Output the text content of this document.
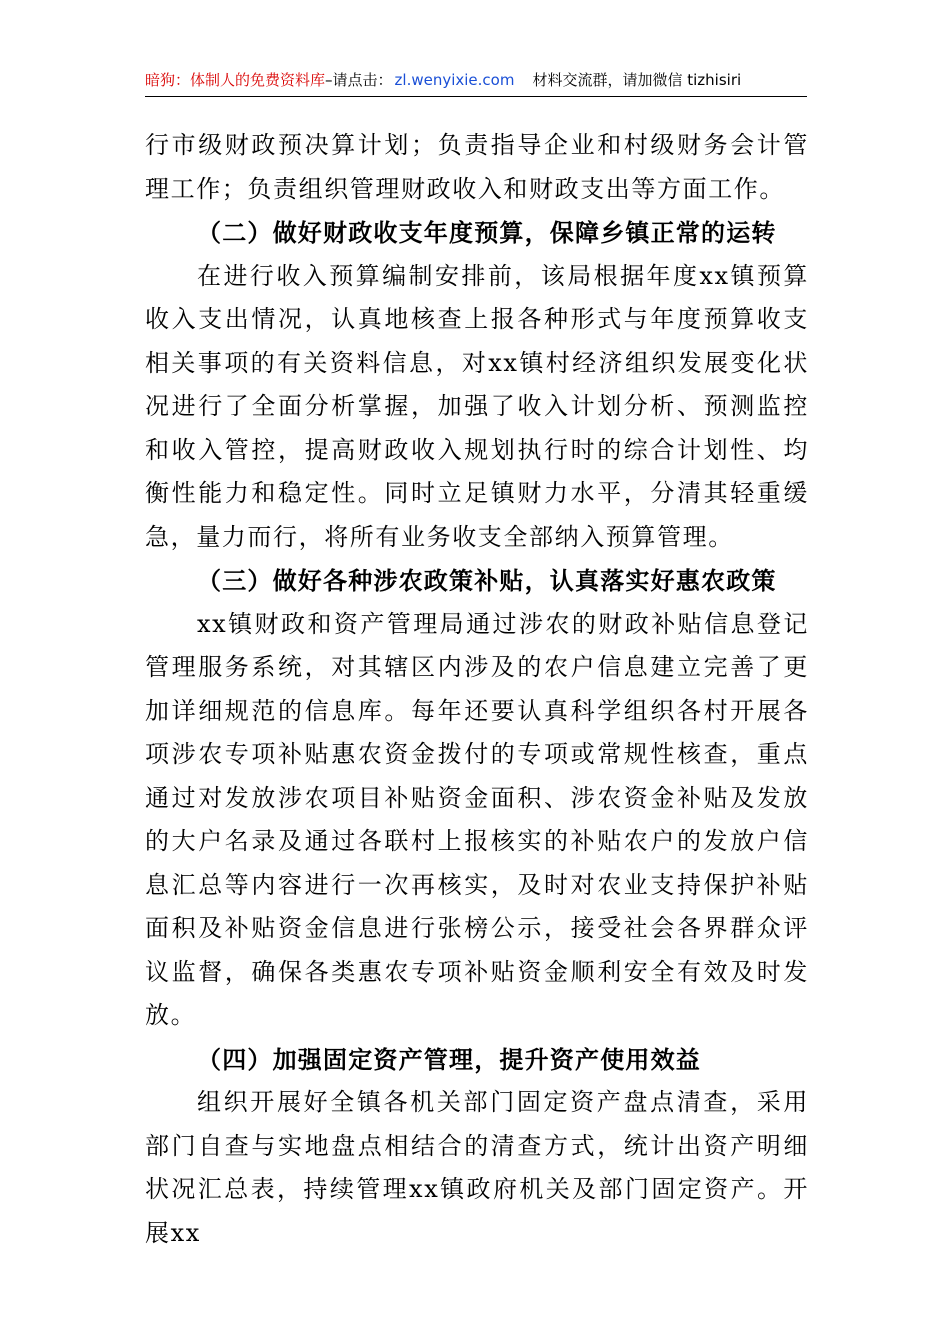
暗狗：体制人的免费资料库–请点击： zl.wenyixie.com 材料交流群，请加微信 tizhisiri

行市级财政预决算计划；负责指导企业和村级财务会计管理工作；负责组织管理财政收入和财政支出等方面工作。

（二）做好财政收支年度预算，保障乡镇正常的运转

在进行收入预算编制安排前，该局根据年度xx镇预算收入支出情况，认真地核查上报各种形式与年度预算收支相关事项的有关资料信息，对xx镇村经济组织发展变化状况进行了全面分析掌握，加强了收入计划分析、预测监控和收入管控，提高财政收入规划执行时的综合计划性、均衡性能力和稳定性。同时立足镇财力水平，分清其轻重缓急，量力而行，将所有业务收支全部纳入预算管理。

（三）做好各种涉农政策补贴，认真落实好惠农政策

xx镇财政和资产管理局通过涉农的财政补贴信息登记管理服务系统，对其辖区内涉及的农户信息建立完善了更加详细规范的信息库。每年还要认真科学组织各村开展各项涉农专项补贴惠农资金拨付的专项或常规性核查，重点通过对发放涉农项目补贴资金面积、涉农资金补贴及发放的大户名录及通过各联村上报核实的补贴农户的发放户信息汇总等内容进行一次再核实，及时对农业支持保护补贴面积及补贴资金信息进行张榜公示，接受社会各界群众评议监督，确保各类惠农专项补贴资金顺利安全有效及时发放。

（四）加强固定资产管理，提升资产使用效益

组织开展好全镇各机关部门固定资产盘点清查，采用部门自查与实地盘点相结合的清查方式，统计出资产明细状况汇总表，持续管理xx镇政府机关及部门固定资产。开展xx
